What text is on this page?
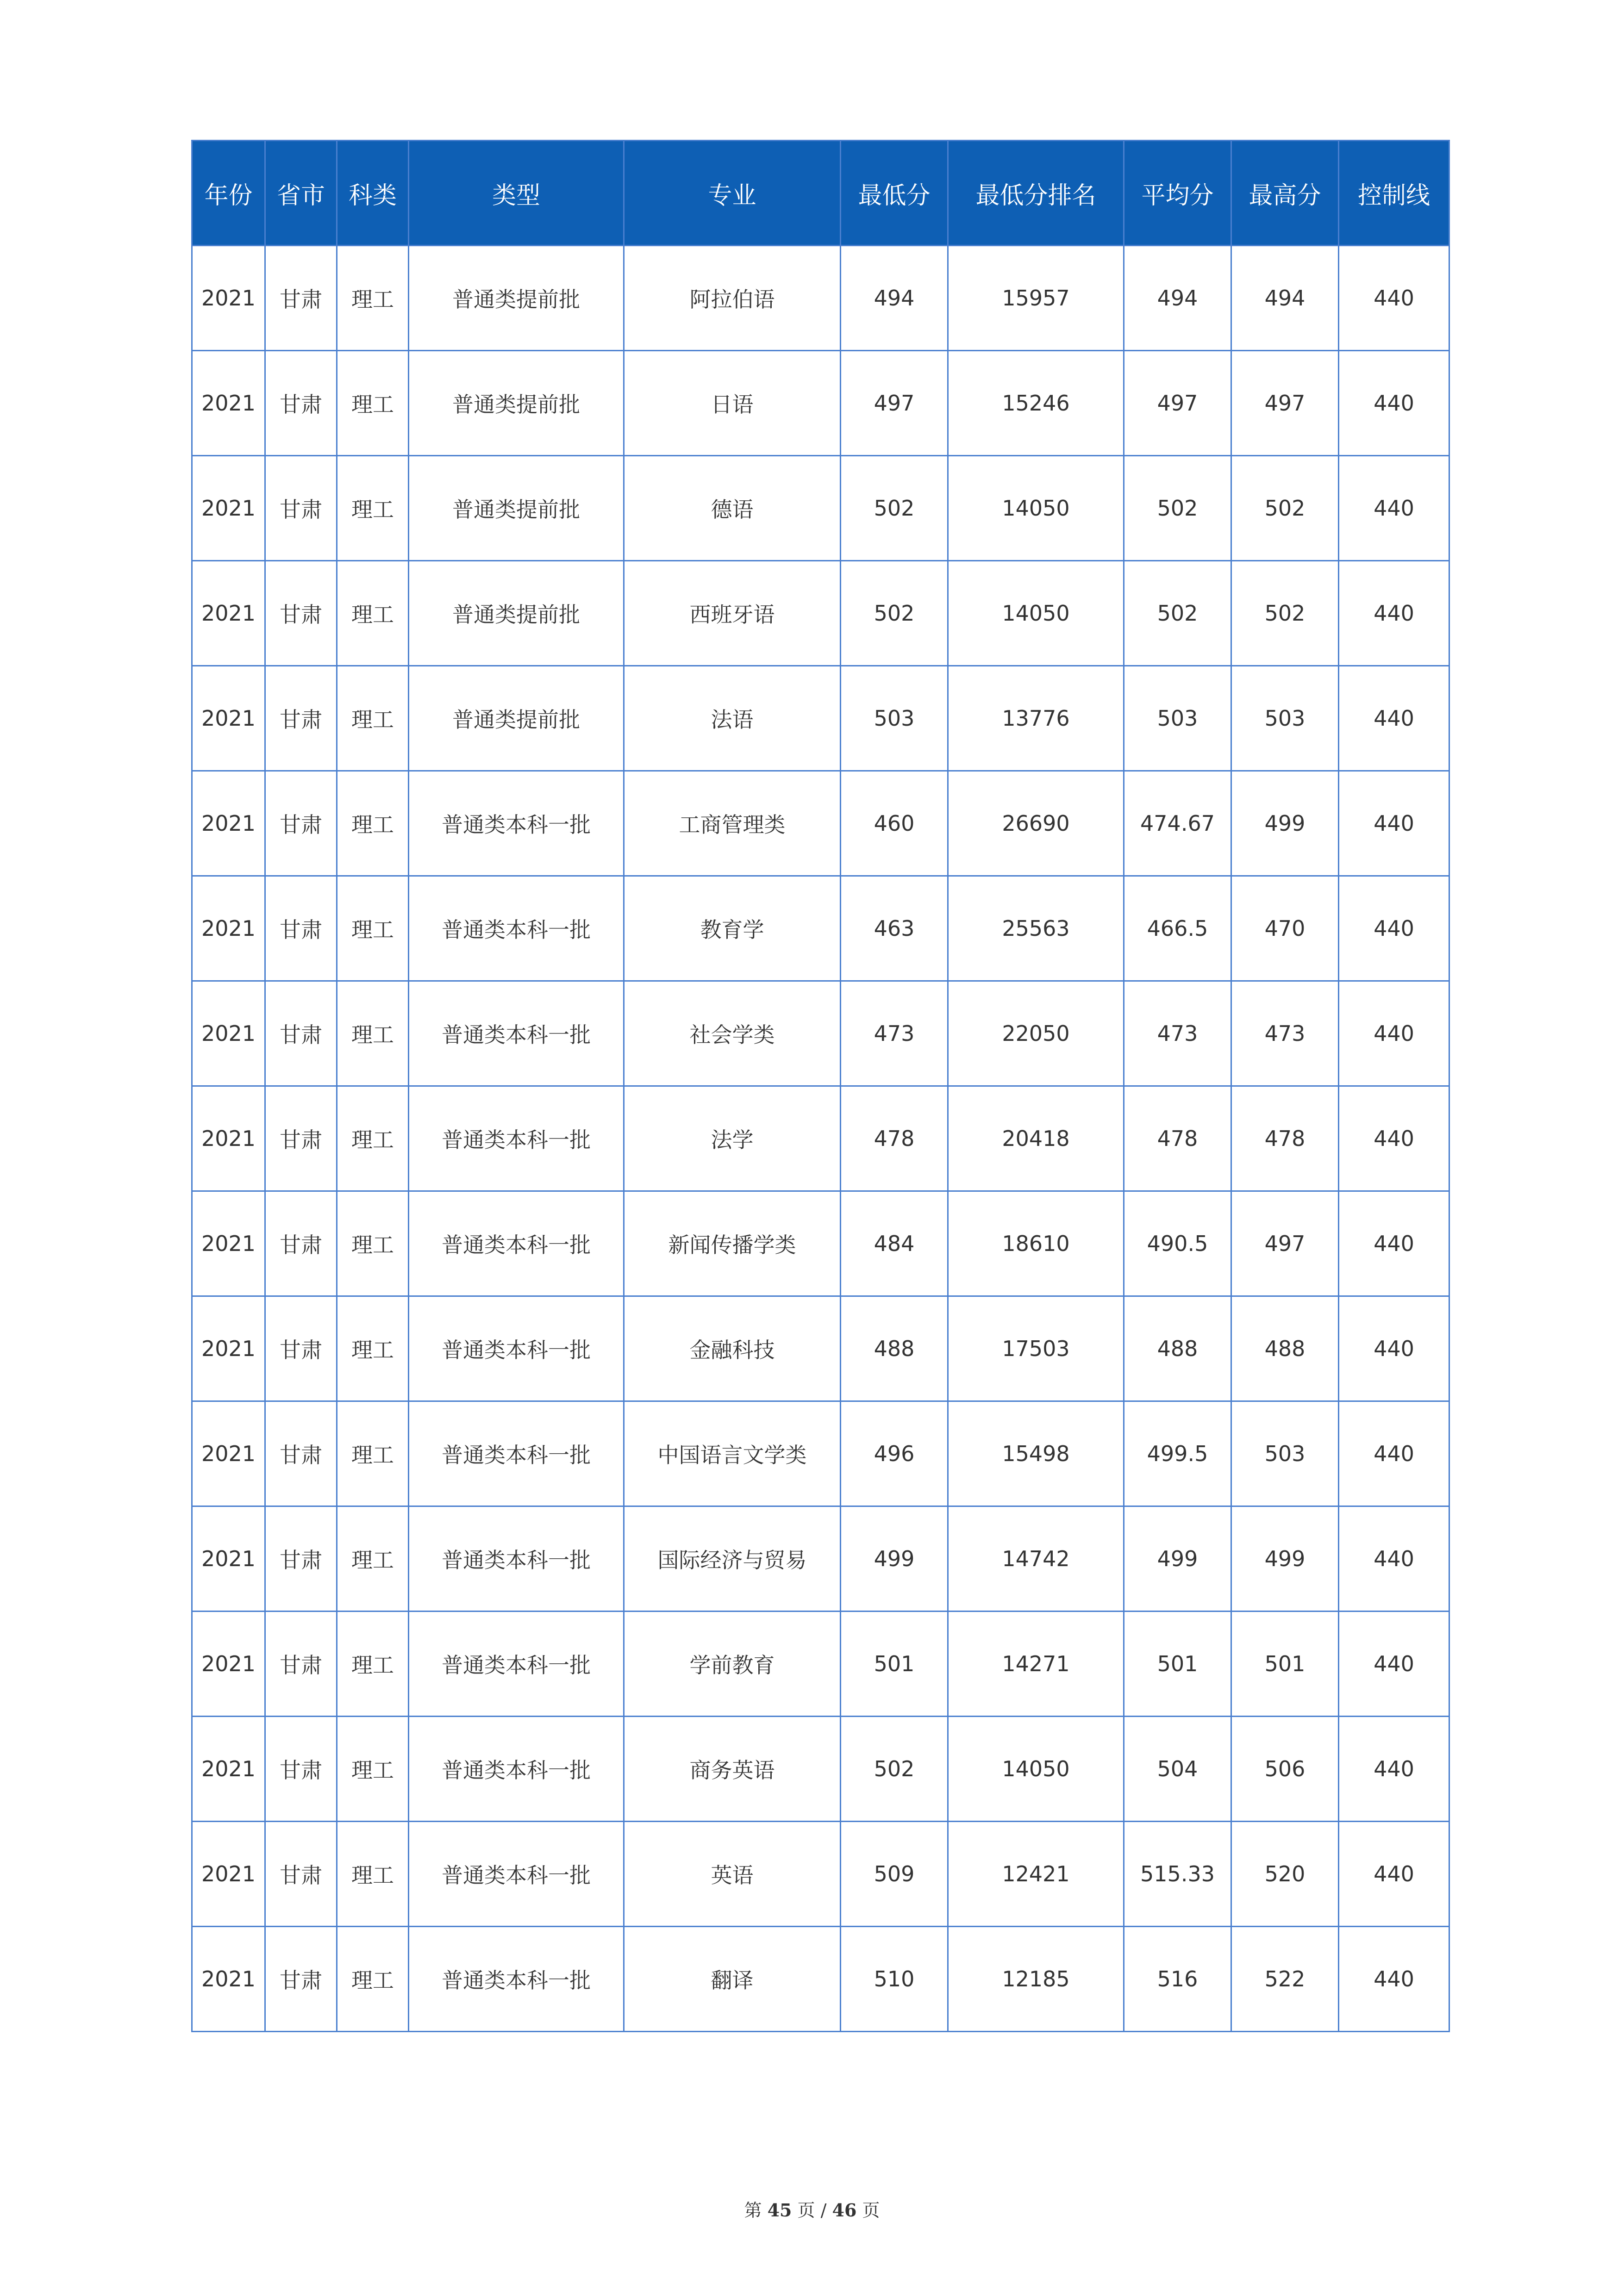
年份	省市	科类	类型	专业	最低分	最低分排名	平均分	最高分	控制线
2021	甘肃	理工	普通类提前批	阿拉伯语	494	15957	494	494	440
2021	甘肃	理工	普通类提前批	日语	497	15246	497	497	440
2021	甘肃	理工	普通类提前批	德语	502	14050	502	502	440
2021	甘肃	理工	普通类提前批	西班牙语	502	14050	502	502	440
2021	甘肃	理工	普通类提前批	法语	503	13776	503	503	440
2021	甘肃	理工	普通类本科一批	工商管理类	460	26690	474.67	499	440
2021	甘肃	理工	普通类本科一批	教育学	463	25563	466.5	470	440
2021	甘肃	理工	普通类本科一批	社会学类	473	22050	473	473	440
2021	甘肃	理工	普通类本科一批	法学	478	20418	478	478	440
2021	甘肃	理工	普通类本科一批	新闻传播学类	484	18610	490.5	497	440
2021	甘肃	理工	普通类本科一批	金融科技	488	17503	488	488	440
2021	甘肃	理工	普通类本科一批	中国语言文学类	496	15498	499.5	503	440
2021	甘肃	理工	普通类本科一批	国际经济与贸易	499	14742	499	499	440
2021	甘肃	理工	普通类本科一批	学前教育	501	14271	501	501	440
2021	甘肃	理工	普通类本科一批	商务英语	502	14050	504	506	440
2021	甘肃	理工	普通类本科一批	英语	509	12421	515.33	520	440
2021	甘肃	理工	普通类本科一批	翻译	510	12185	516	522	440
第 45 页 / 46 页
